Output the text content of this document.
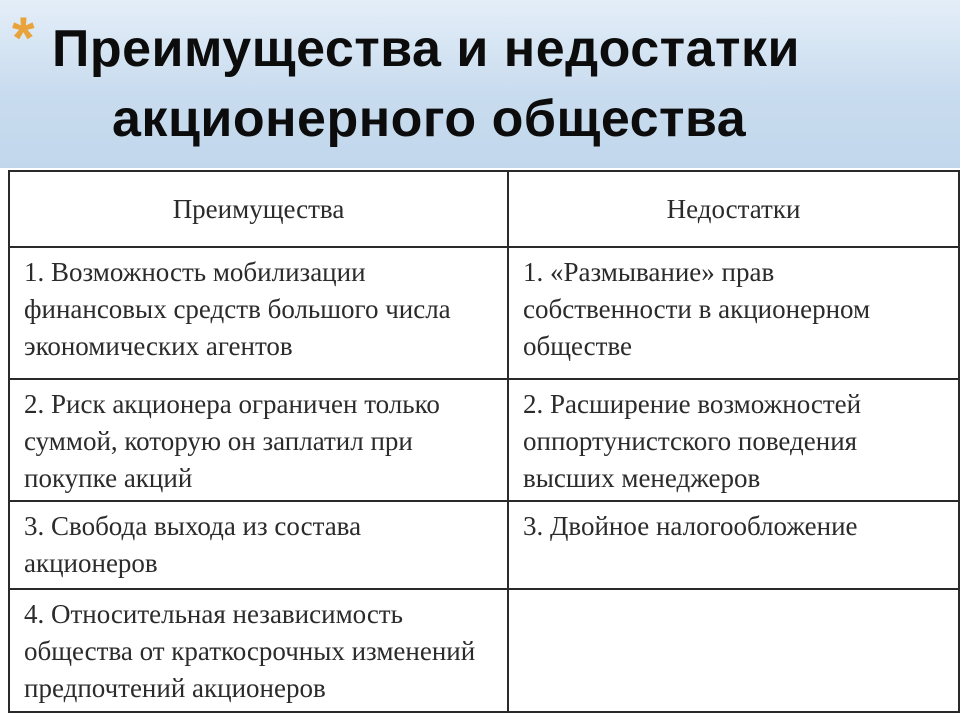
* Преимущества и недостатки
акционерного общества
Преимущества	Недостатки
1. Возможность мобилизации финансовых средств большого числа экономических агентов	1. «Размывание» прав собственности в акционерном обществе
2. Риск акционера ограничен только суммой, которую он заплатил при покупке акций	2. Расширение возможностей оппортунистского поведения высших менеджеров
3. Свобода выхода из состава акционеров	3. Двойное налогообложение
4. Относительная независимость общества от краткосрочных изменений предпочтений акционеров	
